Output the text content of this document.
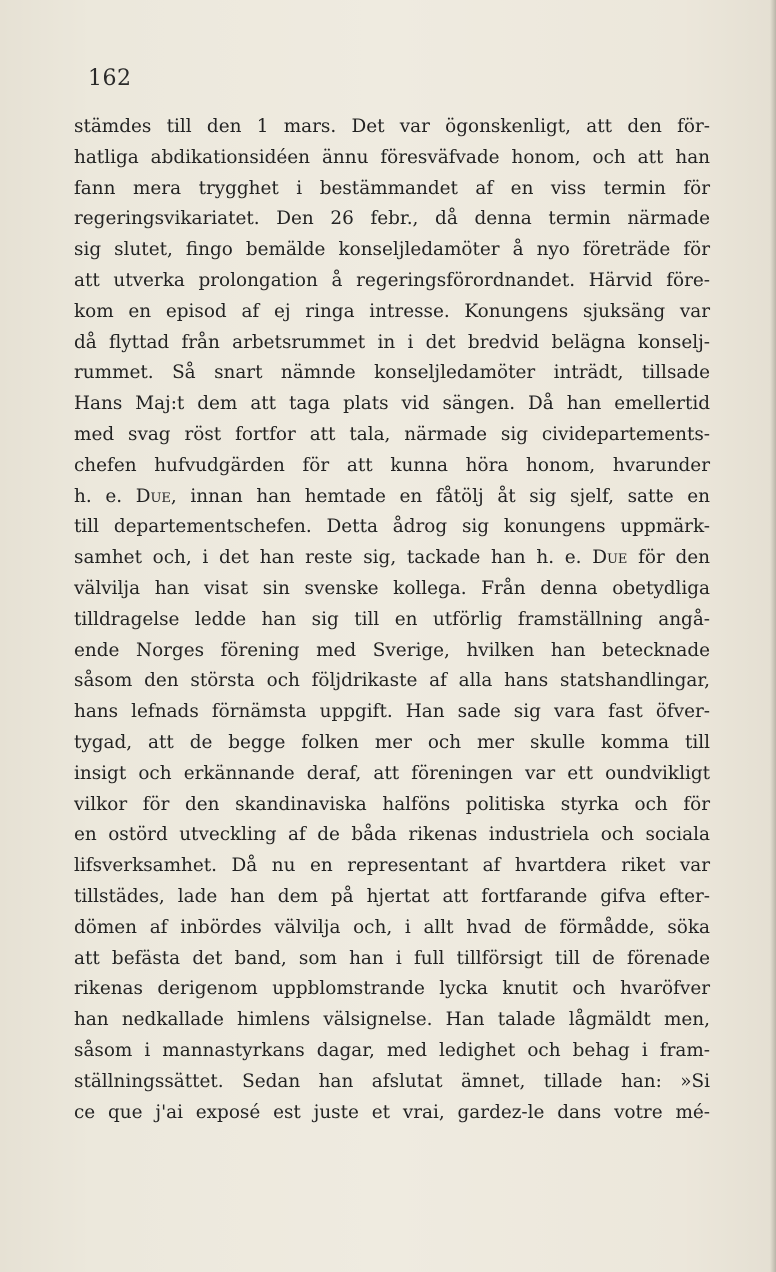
162
stämdes till den 1 mars. Det var ögonskenligt, att den för-
hatliga abdikationsidéen ännu föresväfvade honom, och att han
fann mera trygghet i bestämmandet af en viss termin för
regeringsvikariatet. Den 26 febr., då denna termin närmade
sig slutet, fingo bemälde konseljledamöter å nyo företräde för
att utverka prolongation å regeringsförordnandet. Härvid före-
kom en episod af ej ringa intresse. Konungens sjuksäng var
då flyttad från arbetsrummet in i det bredvid belägna konselj-
rummet. Så snart nämnde konseljledamöter inträdt, tillsade
Hans Maj:t dem att taga plats vid sängen. Då han emellertid
med svag röst fortfor att tala, närmade sig cividepartements-
chefen hufvudgärden för att kunna höra honom, hvarunder
h. e. Due, innan han hemtade en fåtölj åt sig sjelf, satte en
till departementschefen. Detta ådrog sig konungens uppmärk-
samhet och, i det han reste sig, tackade han h. e. Due för den
välvilja han visat sin svenske kollega. Från denna obetydliga
tilldragelse ledde han sig till en utförlig framställning angå-
ende Norges förening med Sverige, hvilken han betecknade
såsom den största och följdrikaste af alla hans statshandlingar,
hans lefnads förnämsta uppgift. Han sade sig vara fast öfver-
tygad, att de begge folken mer och mer skulle komma till
insigt och erkännande deraf, att föreningen var ett oundvikligt
vilkor för den skandinaviska halföns politiska styrka och för
en ostörd utveckling af de båda rikenas industriela och sociala
lifsverksamhet. Då nu en representant af hvartdera riket var
tillstädes, lade han dem på hjertat att fortfarande gifva efter-
dömen af inbördes välvilja och, i allt hvad de förmådde, söka
att befästa det band, som han i full tillförsigt till de förenade
rikenas derigenom uppblomstrande lycka knutit och hvaröfver
han nedkallade himlens välsignelse. Han talade lågmäldt men,
såsom i mannastyrkans dagar, med ledighet och behag i fram-
ställningssättet. Sedan han afslutat ämnet, tillade han: »Si
ce que j'ai exposé est juste et vrai, gardez-le dans votre mé-
